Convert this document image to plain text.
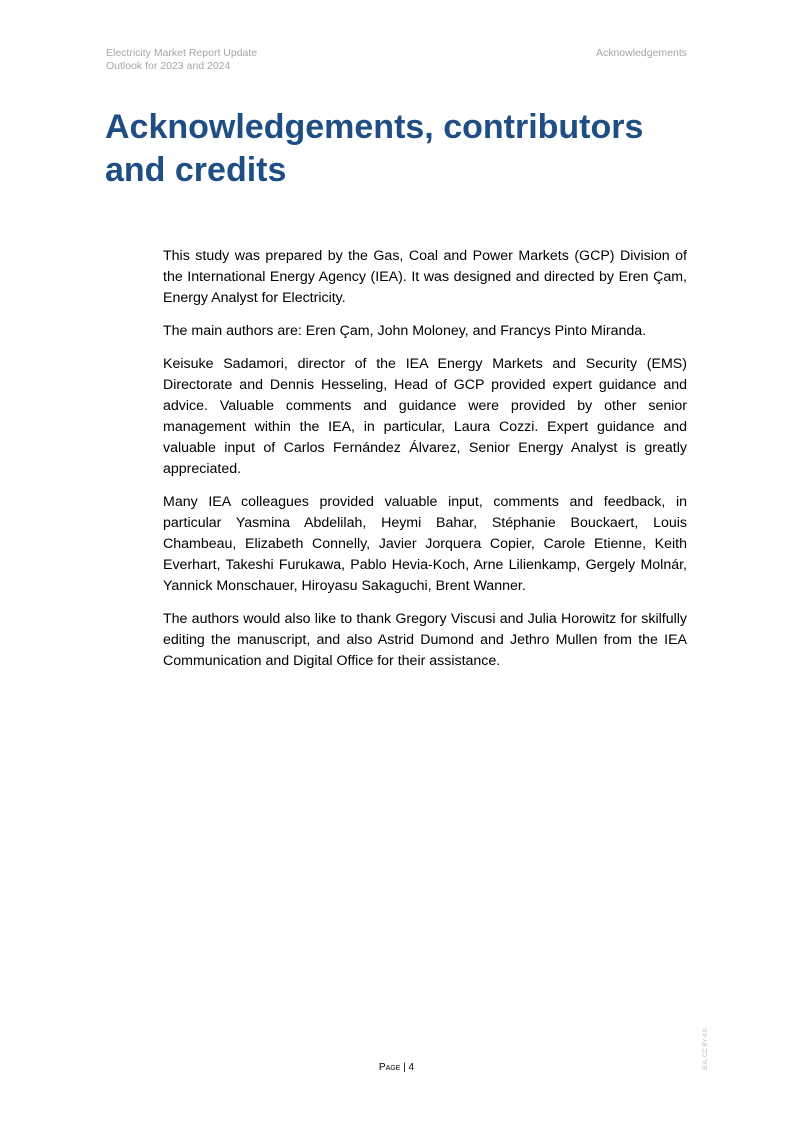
Electricity Market Report Update
Outlook for 2023 and 2024
Acknowledgements
Acknowledgements, contributors
and credits

This study was prepared by the Gas, Coal and Power Markets (GCP) Division of the International Energy Agency (IEA). It was designed and directed by Eren Çam, Energy Analyst for Electricity.

The main authors are: Eren Çam, John Moloney, and Francys Pinto Miranda.

Keisuke Sadamori, director of the IEA Energy Markets and Security (EMS) Directorate and Dennis Hesseling, Head of GCP provided expert guidance and advice. Valuable comments and guidance were provided by other senior management within the IEA, in particular, Laura Cozzi. Expert guidance and valuable input of Carlos Fernández Álvarez, Senior Energy Analyst is greatly appreciated.

Many IEA colleagues provided valuable input, comments and feedback, in particular Yasmina Abdelilah, Heymi Bahar, Stéphanie Bouckaert, Louis Chambeau, Elizabeth Connelly, Javier Jorquera Copier, Carole Etienne, Keith Everhart, Takeshi Furukawa, Pablo Hevia-Koch, Arne Lilienkamp, Gergely Molnár, Yannick Monschauer, Hiroyasu Sakaguchi, Brent Wanner.

The authors would also like to thank Gregory Viscusi and Julia Horowitz for skilfully editing the manuscript, and also Astrid Dumond and Jethro Mullen from the IEA Communication and Digital Office for their assistance.

Page | 4	IEA. CC BY 4.0.
